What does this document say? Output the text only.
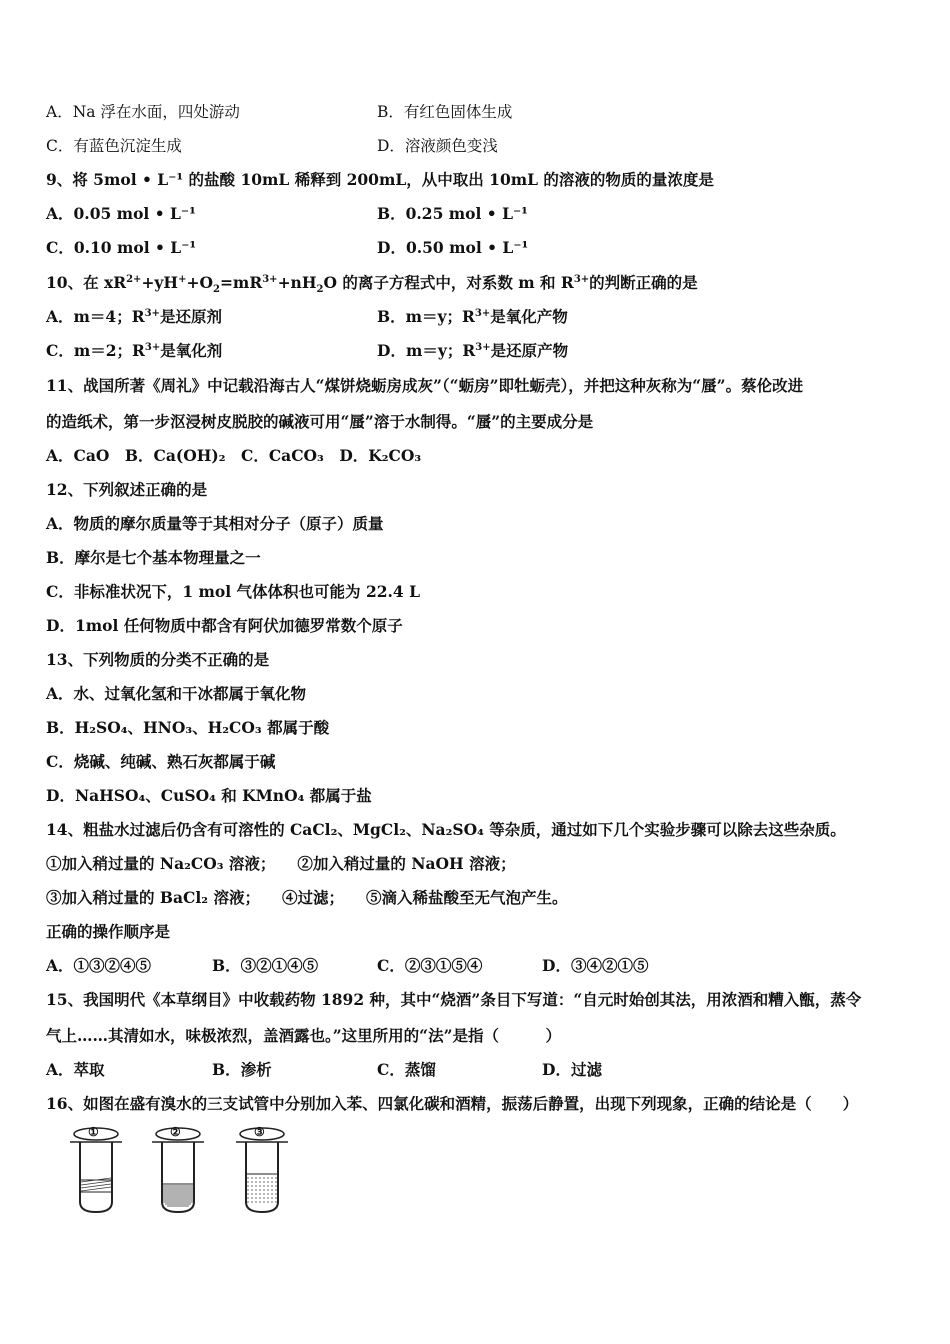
A．Na 浮在水面，四处游动	B．有红色固体生成
C．有蓝色沉淀生成	D．溶液颜色变浅
9、将 5mol • L⁻¹ 的盐酸 10mL 稀释到 200mL，从中取出 10mL 的溶液的物质的量浓度是
A．0.05 mol • L⁻¹	B．0.25 mol • L⁻¹
C．0.10 mol • L⁻¹	D．0.50 mol • L⁻¹
10、在 $xR^{2+}+yH^++O_2=mR^{3+}+nH_2O$ 的离子方程式中，对系数 m 和 $R^{3+}$的判断正确的是
A．m＝4；$R^{3+}$是还原剂	B．m＝y；$R^{3+}$是氧化产物
C．m＝2；$R^{3+}$是氧化剂	D．m＝y；$R^{3+}$是还原产物
11、战国所著《周礼》中记载沿海古人“煤饼烧蛎房成灰”（“蛎房”即牡蛎壳），并把这种灰称为“蜃”。蔡伦改进
的造纸术，第一步沤浸树皮脱胶的碱液可用“蜃”溶于水制得。“蜃”的主要成分是
A．CaO　B．Ca(OH)₂　C．CaCO₃　D．K₂CO₃
12、下列叙述正确的是
A．物质的摩尔质量等于其相对分子（原子）质量
B．摩尔是七个基本物理量之一
C．非标准状况下，1 mol 气体体积也可能为 22.4 L
D．1mol 任何物质中都含有阿伏加德罗常数个原子
13、下列物质的分类不正确的是
A．水、过氧化氢和干冰都属于氧化物
B．H₂SO₄、HNO₃、H₂CO₃ 都属于酸
C．烧碱、纯碱、熟石灰都属于碱
D．NaHSO₄、CuSO₄ 和 KMnO₄ 都属于盐
14、粗盐水过滤后仍含有可溶性的 CaCl₂、MgCl₂、Na₂SO₄ 等杂质，通过如下几个实验步骤可以除去这些杂质。
①加入稍过量的 Na₂CO₃ 溶液； ②加入稍过量的 NaOH 溶液；
③加入稍过量的 BaCl₂ 溶液； ④过滤； ⑤滴入稀盐酸至无气泡产生。
正确的操作顺序是
A．①③②④⑤	B．③②①④⑤	C．②③①⑤④	D．③④②①⑤
15、我国明代《本草纲目》中收载药物 1892 种，其中“烧酒”条目下写道：“自元时始创其法，用浓酒和糟入甑，蒸令
气上……其清如水，味极浓烈，盖酒露也。”这里所用的“法”是指（　　　）
A．萃取	B．渗析	C．蒸馏	D．过滤
16、如图在盛有溴水的三支试管中分别加入苯、四氯化碳和酒精，振荡后静置，出现下列现象，正确的结论是（　　）
①	②	③
